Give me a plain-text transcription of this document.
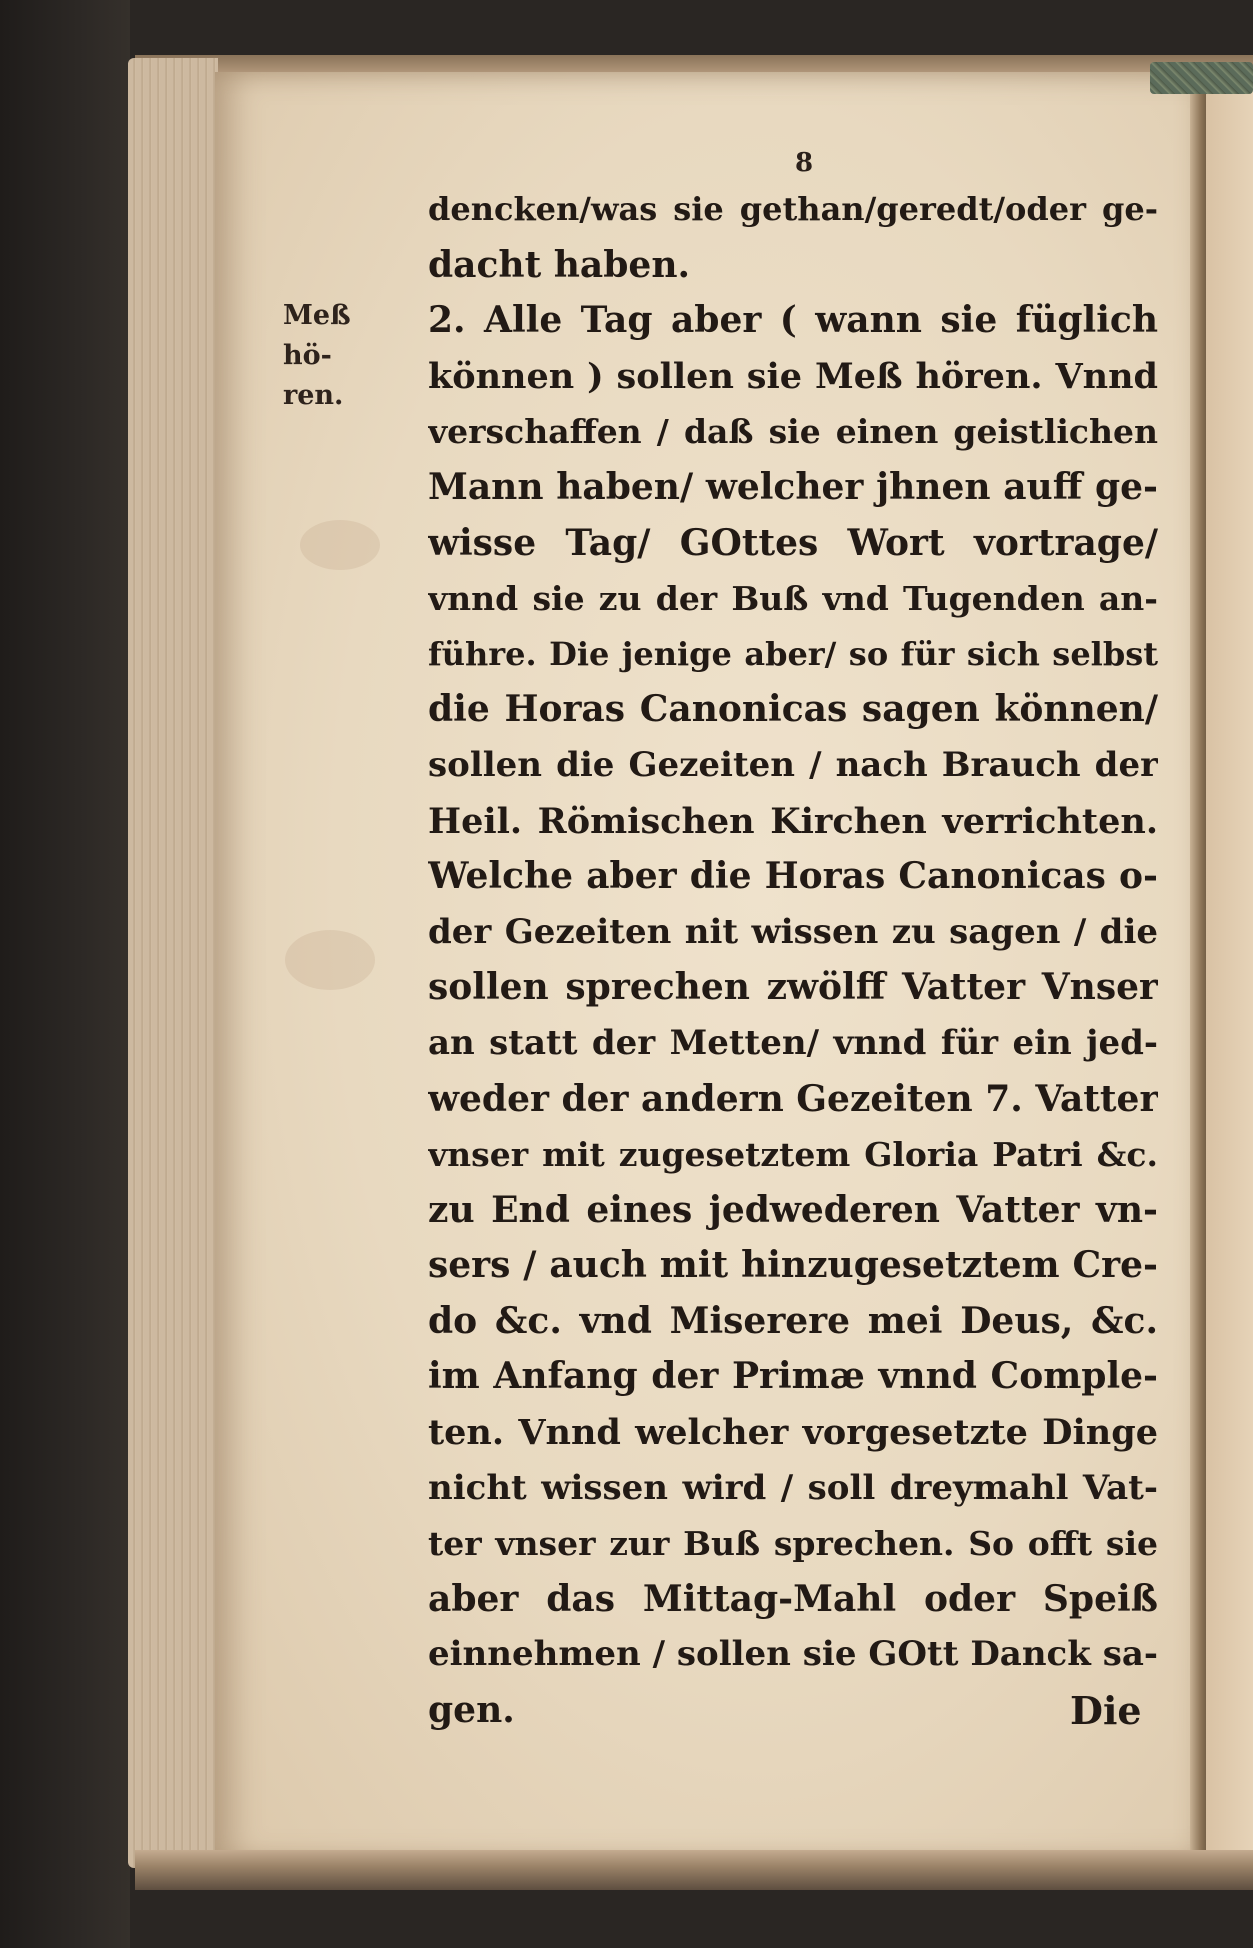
8
Meß hö-
ren.
dencken/was sie gethan/geredt/oder ge-
dacht haben.
2. Alle Tag aber ( wann sie füglich
können ) sollen sie Meß hören. Vnnd
verschaffen / daß sie einen geistlichen
Mann haben/ welcher jhnen auff ge-
wisse Tag/ GOttes Wort vortrage/
vnnd sie zu der Buß vnd Tugenden an-
führe. Die jenige aber/ so für sich selbst
die Horas Canonicas sagen können/
sollen die Gezeiten / nach Brauch der
Heil. Römischen Kirchen verrichten.
Welche aber die Horas Canonicas o-
der Gezeiten nit wissen zu sagen / die
sollen sprechen zwölff Vatter Vnser
an statt der Metten/ vnnd für ein jed-
weder der andern Gezeiten 7. Vatter
vnser mit zugesetztem Gloria Patri &c.
zu End eines jedwederen Vatter vn-
sers / auch mit hinzugesetztem Cre-
do &c. vnd Miserere mei Deus, &c.
im Anfang der Primæ vnnd Comple-
ten. Vnnd welcher vorgesetzte Dinge
nicht wissen wird / soll dreymahl Vat-
ter vnser zur Buß sprechen. So offt sie
aber das Mittag-Mahl oder Speiß
einnehmen / sollen sie GOtt Danck sa-
gen.	Die
